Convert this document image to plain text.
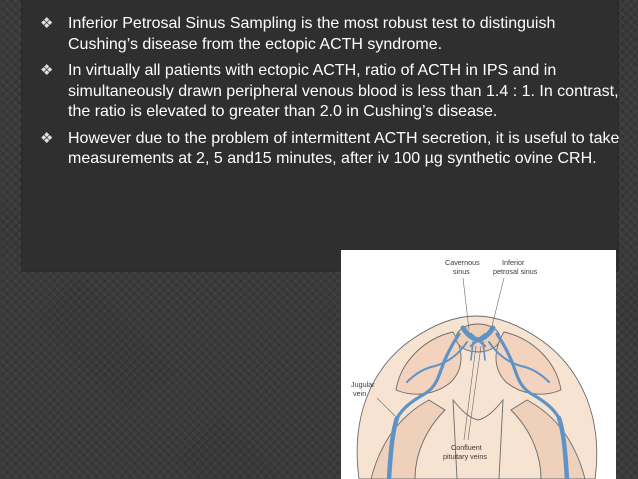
❖ Inferior Petrosal Sinus Sampling is the most robust test to distinguish Cushing’s disease from the ectopic ACTH syndrome.
❖ In virtually all patients with ectopic ACTH, ratio of ACTH in IPS and in simultaneously drawn peripheral venous blood is less than 1.4 : 1. In contrast, the ratio is elevated to greater than 2.0 in Cushing’s disease.
❖ However due to the problem of intermittent ACTH secretion, it is useful to take measurements at 2, 5 and15 minutes, after iv 100 µg synthetic ovine CRH.
Cavernous
sinus
Inferior
petrosal sinus
Jugular
vein
Confluent
pituitary veins
